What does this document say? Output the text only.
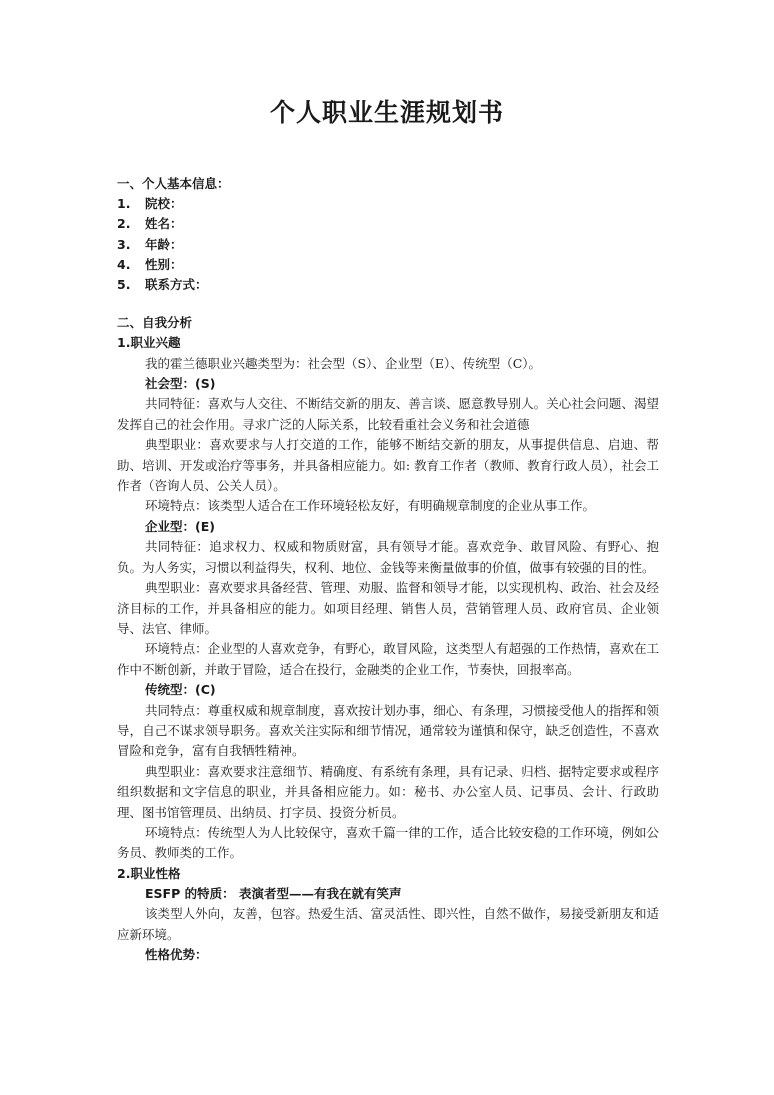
个人职业生涯规划书
一、个人基本信息：
1.	院校：
2.	姓名：
3.	年龄：
4.	性别：
5.	联系方式：
二、自我分析
1.职业兴趣

我的霍兰德职业兴趣类型为：社会型（S）、企业型（E）、传统型（C）。

社会型：(S)

共同特征：喜欢与人交往、不断结交新的朋友、善言谈、愿意教导别人。关心社会问题、渴望发挥自己的社会作用。寻求广泛的人际关系，比较看重社会义务和社会道德

典型职业：喜欢要求与人打交道的工作，能够不断结交新的朋友，从事提供信息、启迪、帮助、培训、开发或治疗等事务，并具备相应能力。如: 教育工作者（教师、教育行政人员），社会工作者（咨询人员、公关人员）。

环境特点：该类型人适合在工作环境轻松友好，有明确规章制度的企业从事工作。

企业型：(E)

共同特征：追求权力、权威和物质财富，具有领导才能。喜欢竞争、敢冒风险、有野心、抱负。为人务实，习惯以利益得失，权利、地位、金钱等来衡量做事的价值，做事有较强的目的性。

典型职业：喜欢要求具备经营、管理、劝服、监督和领导才能，以实现机构、政治、社会及经济目标的工作，并具备相应的能力。如项目经理、销售人员，营销管理人员、政府官员、企业领导、法官、律师。

环境特点：企业型的人喜欢竞争，有野心，敢冒风险，这类型人有超强的工作热情，喜欢在工作中不断创新，并敢于冒险，适合在投行，金融类的企业工作，节奏快，回报率高。

传统型：(C)

共同特点：尊重权威和规章制度，喜欢按计划办事，细心、有条理，习惯接受他人的指挥和领导，自己不谋求领导职务。喜欢关注实际和细节情况，通常较为谨慎和保守，缺乏创造性，不喜欢冒险和竞争，富有自我牺牲精神。

典型职业：喜欢要求注意细节、精确度、有系统有条理，具有记录、归档、据特定要求或程序组织数据和文字信息的职业，并具备相应能力。如：秘书、办公室人员、记事员、会计、行政助理、图书馆管理员、出纳员、打字员、投资分析员。

环境特点：传统型人为人比较保守，喜欢千篇一律的工作，适合比较安稳的工作环境，例如公务员、教师类的工作。

2.职业性格
ESFP 的特质： 表演者型——有我在就有笑声

该类型人外向，友善，包容。热爱生活、富灵活性、即兴性，自然不做作，易接受新朋友和适应新环境。

性格优势：
